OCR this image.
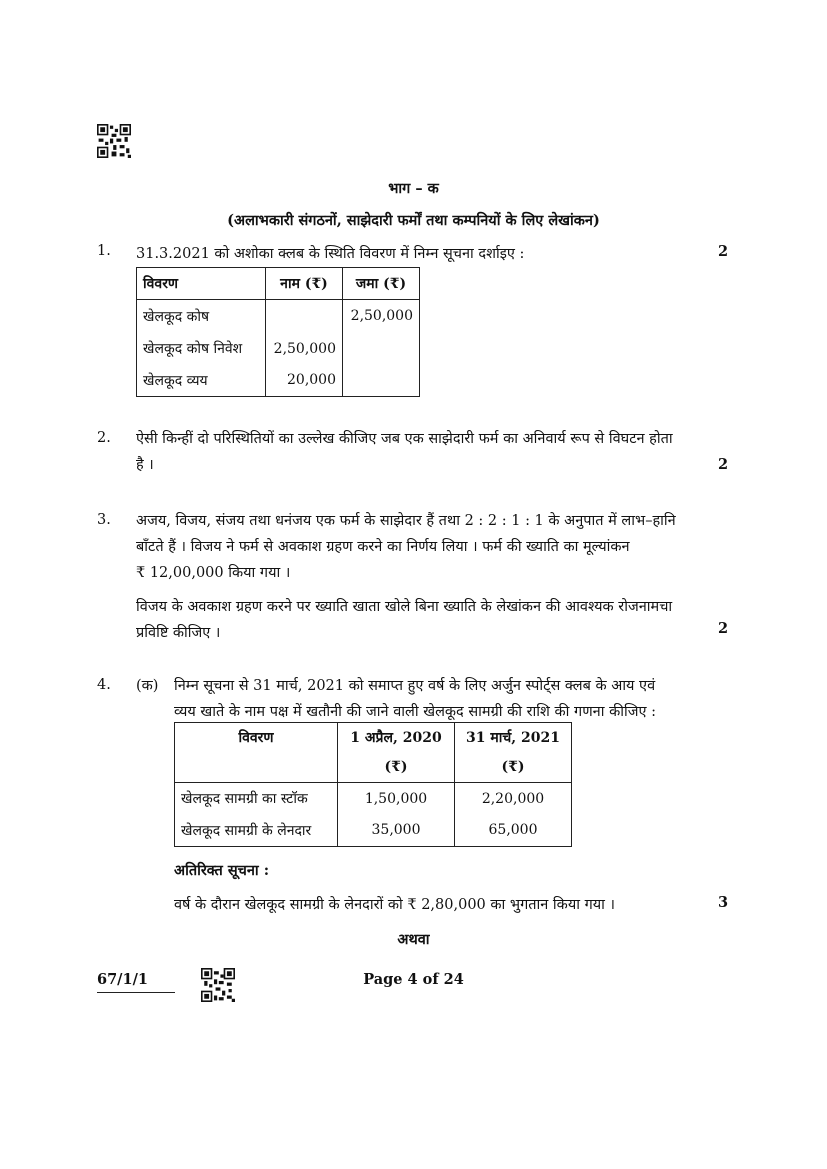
भाग – क
(अलाभकारी संगठनों, साझेदारी फर्मों तथा कम्पनियों के लिए लेखांकन)
1. 31.3.2021 को अशोका क्लब के स्थिति विवरण में निम्न सूचना दर्शाइए :	2
विवरण	नाम (₹)	जमा (₹)
खेलकूद कोष		2,50,000
खेलकूद कोष निवेश	2,50,000	
खेलकूद व्यय	20,000	
2. ऐसी किन्हीं दो परिस्थितियों का उल्लेख कीजिए जब एक साझेदारी फर्म का अनिवार्य रूप से विघटन होता
है ।	2
3. अजय, विजय, संजय तथा धनंजय एक फर्म के साझेदार हैं तथा 2 : 2 : 1 : 1 के अनुपात में लाभ–हानि
बाँटते हैं । विजय ने फर्म से अवकाश ग्रहण करने का निर्णय लिया । फर्म की ख्याति का मूल्यांकन
₹ 12,00,000 किया गया ।
विजय के अवकाश ग्रहण करने पर ख्याति खाता खोले बिना ख्याति के लेखांकन की आवश्यक रोजनामचा
प्रविष्टि कीजिए ।	2
4. (क) निम्न सूचना से 31 मार्च, 2021 को समाप्त हुए वर्ष के लिए अर्जुन स्पोर्ट्स क्लब के आय एवं
व्यय खाते के नाम पक्ष में खतौनी की जाने वाली खेलकूद सामग्री की राशि की गणना कीजिए :
विवरण	1 अप्रैल, 2020	31 मार्च, 2021
	(₹)	(₹)
खेलकूद सामग्री का स्टॉक	1,50,000	2,20,000
खेलकूद सामग्री के लेनदार	35,000	65,000
अतिरिक्त सूचना :
वर्ष के दौरान खेलकूद सामग्री के लेनदारों को ₹ 2,80,000 का भुगतान किया गया ।	3
अथवा
67/1/1	Page 4 of 24
